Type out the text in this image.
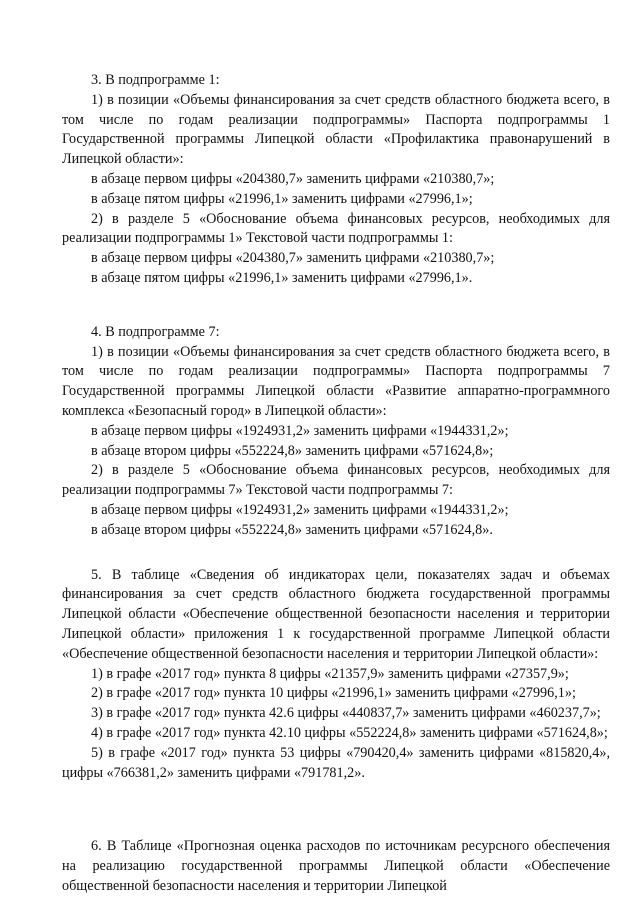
3. В подпрограмме 1:

1) в позиции «Объемы финансирования за счет средств областного бюджета всего, в том числе по годам реализации подпрограммы» Паспорта подпрограммы 1 Государственной программы Липецкой области «Профилактика правонарушений в Липецкой области»:

в абзаце первом цифры «204380,7» заменить цифрами «210380,7»;

в абзаце пятом цифры «21996,1» заменить цифрами «27996,1»;

2) в разделе 5 «Обоснование объема финансовых ресурсов, необходимых для реализации подпрограммы 1» Текстовой части подпрограммы 1:

в абзаце первом цифры «204380,7» заменить цифрами «210380,7»;

в абзаце пятом цифры «21996,1» заменить цифрами «27996,1».

4. В подпрограмме 7:

1) в позиции «Объемы финансирования за счет средств областного бюджета всего, в том числе по годам реализации подпрограммы» Паспорта подпрограммы 7 Государственной программы Липецкой области «Развитие аппаратно-программного комплекса «Безопасный город» в Липецкой области»:

в абзаце первом цифры «1924931,2» заменить цифрами «1944331,2»;

в абзаце втором цифры «552224,8» заменить цифрами «571624,8»;

2) в разделе 5 «Обоснование объема финансовых ресурсов, необходимых для реализации подпрограммы 7» Текстовой части подпрограммы 7:

в абзаце первом цифры «1924931,2» заменить цифрами «1944331,2»;

в абзаце втором цифры «552224,8» заменить цифрами «571624,8».

5. В таблице «Сведения об индикаторах цели, показателях задач и объемах финансирования за счет средств областного бюджета государственной программы Липецкой области «Обеспечение общественной безопасности населения и территории Липецкой области» приложения 1 к государственной программе Липецкой области «Обеспечение общественной безопасности населения и территории Липецкой области»:

1) в графе «2017 год» пункта 8 цифры «21357,9» заменить цифрами «27357,9»;

2) в графе «2017 год» пункта 10 цифры «21996,1» заменить цифрами «27996,1»;

3) в графе «2017 год» пункта 42.6 цифры «440837,7» заменить цифрами «460237,7»;

4) в графе «2017 год» пункта 42.10 цифры «552224,8» заменить цифрами «571624,8»;

5) в графе «2017 год» пункта 53 цифры «790420,4» заменить цифрами «815820,4», цифры «766381,2» заменить цифрами «791781,2».

6. В Таблице «Прогнозная оценка расходов по источникам ресурсного обеспечения на реализацию государственной программы Липецкой области «Обеспечение общественной безопасности населения и территории Липецкой
